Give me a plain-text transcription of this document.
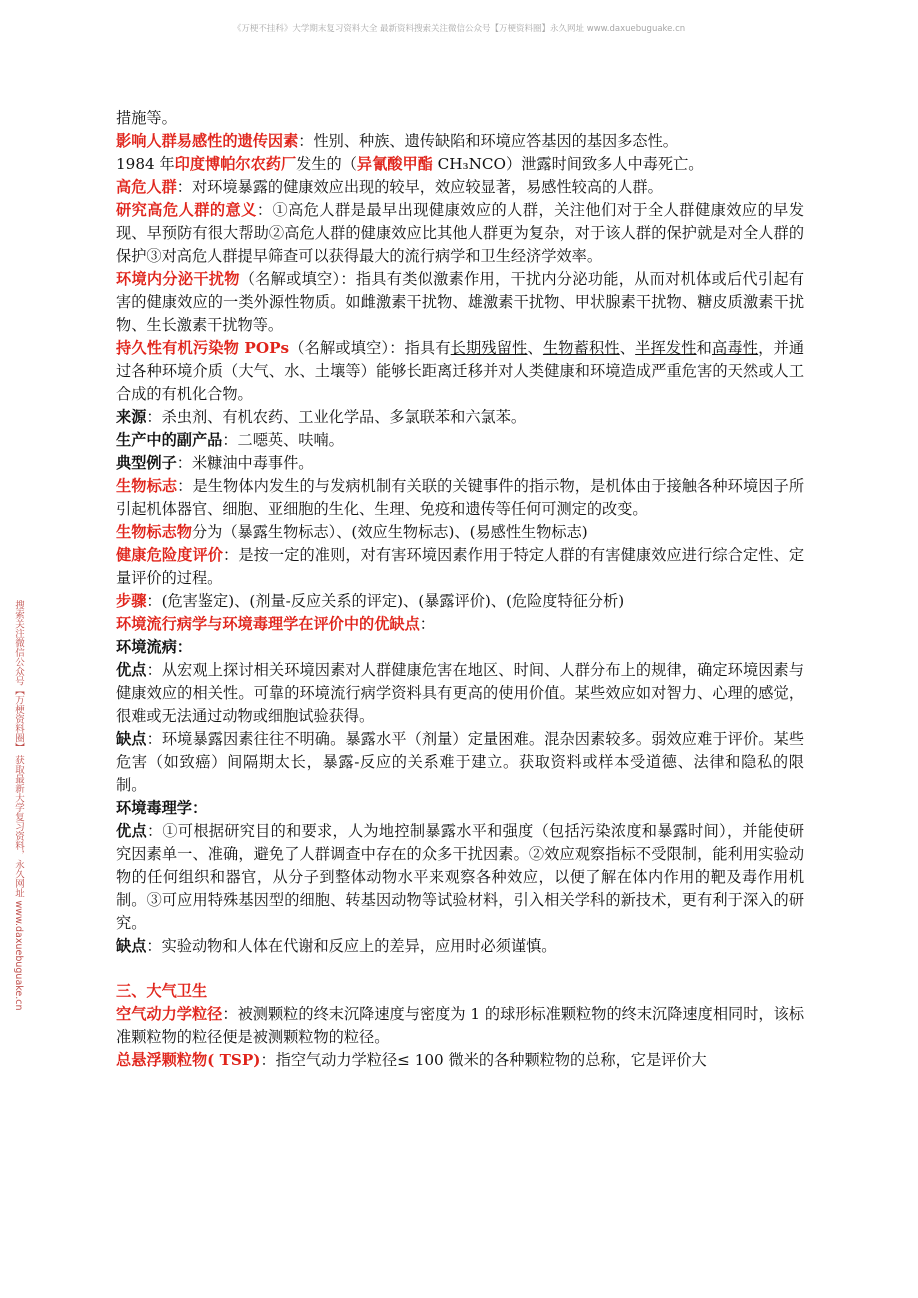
《万梗不挂科》大学期末复习资料大全 最新资料搜索关注微信公众号【万梗资料圈】永久网址 www.daxuebuguake.cn
搜索关注微信公众号【万梗资料圈】 获取最新大学复习资料，永久网址 www.daxuebuguake.cn

措施等。

影响人群易感性的遗传因素：性别、种族、遗传缺陷和环境应答基因的基因多态性。

1984 年印度博帕尔农药厂发生的（异氰酸甲酯 CH₃NCO）泄露时间致多人中毒死亡。

高危人群：对环境暴露的健康效应出现的较早，效应较显著，易感性较高的人群。

研究高危人群的意义：①高危人群是最早出现健康效应的人群，关注他们对于全人群健康效应的早发现、早预防有很大帮助②高危人群的健康效应比其他人群更为复杂，对于该人群的保护就是对全人群的保护③对高危人群提早筛查可以获得最大的流行病学和卫生经济学效率。

环境内分泌干扰物（名解或填空）：指具有类似激素作用，干扰内分泌功能，从而对机体或后代引起有害的健康效应的一类外源性物质。如雌激素干扰物、雄激素干扰物、甲状腺素干扰物、糖皮质激素干扰物、生长激素干扰物等。

持久性有机污染物 POPs（名解或填空）：指具有长期残留性、生物蓄积性、半挥发性和高毒性，并通过各种环境介质（大气、水、土壤等）能够长距离迁移并对人类健康和环境造成严重危害的天然或人工合成的有机化合物。

来源：杀虫剂、有机农药、工业化学品、多氯联苯和六氯苯。

生产中的副产品：二噁英、呋喃。

典型例子：米糠油中毒事件。

生物标志：是生物体内发生的与发病机制有关联的关键事件的指示物，是机体由于接触各种环境因子所引起机体器官、细胞、亚细胞的生化、生理、免疫和遗传等任何可测定的改变。

生物标志物分为（暴露生物标志）、(效应生物标志)、(易感性生物标志)

健康危险度评价：是按一定的准则，对有害环境因素作用于特定人群的有害健康效应进行综合定性、定量评价的过程。

步骤：(危害鉴定)、(剂量-反应关系的评定)、(暴露评价)、(危险度特征分析)

环境流行病学与环境毒理学在评价中的优缺点：

环境流病：

优点：从宏观上探讨相关环境因素对人群健康危害在地区、时间、人群分布上的规律，确定环境因素与健康效应的相关性。可靠的环境流行病学资料具有更高的使用价值。某些效应如对智力、心理的感觉，很难或无法通过动物或细胞试验获得。

缺点：环境暴露因素往往不明确。暴露水平（剂量）定量困难。混杂因素较多。弱效应难于评价。某些危害（如致癌）间隔期太长，暴露-反应的关系难于建立。获取资料或样本受道德、法律和隐私的限制。

环境毒理学：

优点：①可根据研究目的和要求，人为地控制暴露水平和强度（包括污染浓度和暴露时间），并能使研究因素单一、准确，避免了人群调查中存在的众多干扰因素。②效应观察指标不受限制，能利用实验动物的任何组织和器官，从分子到整体动物水平来观察各种效应，以便了解在体内作用的靶及毒作用机制。③可应用特殊基因型的细胞、转基因动物等试验材料，引入相关学科的新技术，更有利于深入的研究。

缺点：实验动物和人体在代谢和反应上的差异，应用时必须谨慎。

三、大气卫生

空气动力学粒径：被测颗粒的终末沉降速度与密度为 1 的球形标准颗粒物的终末沉降速度相同时，该标准颗粒物的粒径便是被测颗粒物的粒径。

总悬浮颗粒物( TSP)：指空气动力学粒径≤ 100 微米的各种颗粒物的总称，它是评价大
